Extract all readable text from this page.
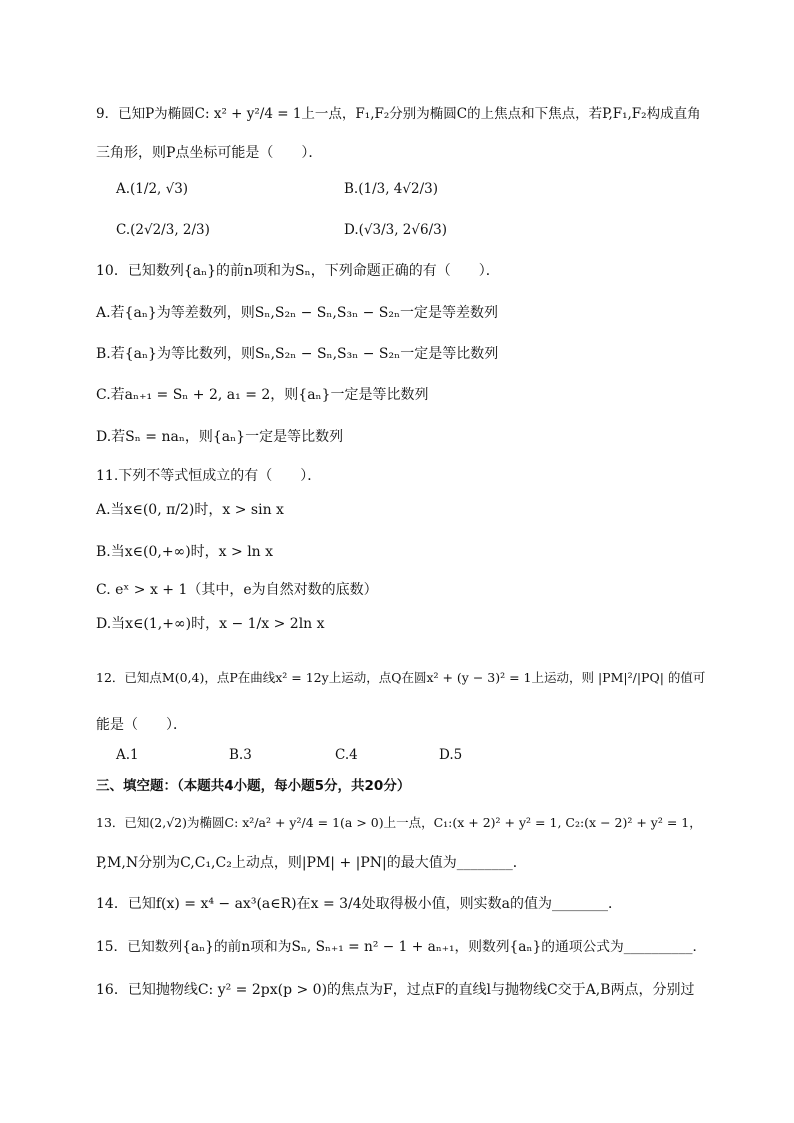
9．已知P为椭圆C: x² + y²/4 = 1上一点，F₁,F₂分别为椭圆C的上焦点和下焦点，若P,F₁,F₂构成直角
三角形，则P点坐标可能是（　　）．
A.(1/2, √3)	B.(1/3, 4√2/3)
C.(2√2/3, 2/3)	D.(√3/3, 2√6/3)
10．已知数列{aₙ}的前n项和为Sₙ，下列命题正确的有（　　）．
A.若{aₙ}为等差数列，则Sₙ,S₂ₙ − Sₙ,S₃ₙ − S₂ₙ一定是等差数列
B.若{aₙ}为等比数列，则Sₙ,S₂ₙ − Sₙ,S₃ₙ − S₂ₙ一定是等比数列
C.若aₙ₊₁ = Sₙ + 2, a₁ = 2，则{aₙ}一定是等比数列
D.若Sₙ = naₙ，则{aₙ}一定是等比数列
11.下列不等式恒成立的有（　　）．
A.当x∈(0, π/2)时，x > sin x
B.当x∈(0,+∞)时，x > ln x
C. eˣ > x + 1（其中，e为自然对数的底数）
D.当x∈(1,+∞)时，x − 1/x > 2ln x
12．已知点M(0,4)，点P在曲线x² = 12y上运动，点Q在圆x² + (y − 3)² = 1上运动，则 |PM|²/|PQ| 的值可
能是（　　）．
A.1	B.3	C.4	D.5
三、填空题：（本题共4小题，每小题5分，共20分）
13．已知(2,√2)为椭圆C: x²/a² + y²/4 = 1(a > 0)上一点，C₁:(x + 2)² + y² = 1, C₂:(x − 2)² + y² = 1，
P,M,N分别为C,C₁,C₂上动点，则|PM| + |PN|的最大值为________．
14．已知f(x) = x⁴ − ax³(a∈R)在x = 3/4处取得极小值，则实数a的值为________．
15．已知数列{aₙ}的前n项和为Sₙ, Sₙ₊₁ = n² − 1 + aₙ₊₁，则数列{aₙ}的通项公式为__________．
16．已知抛物线C: y² = 2px(p > 0)的焦点为F，过点F的直线l与抛物线C交于A,B两点，分别过
